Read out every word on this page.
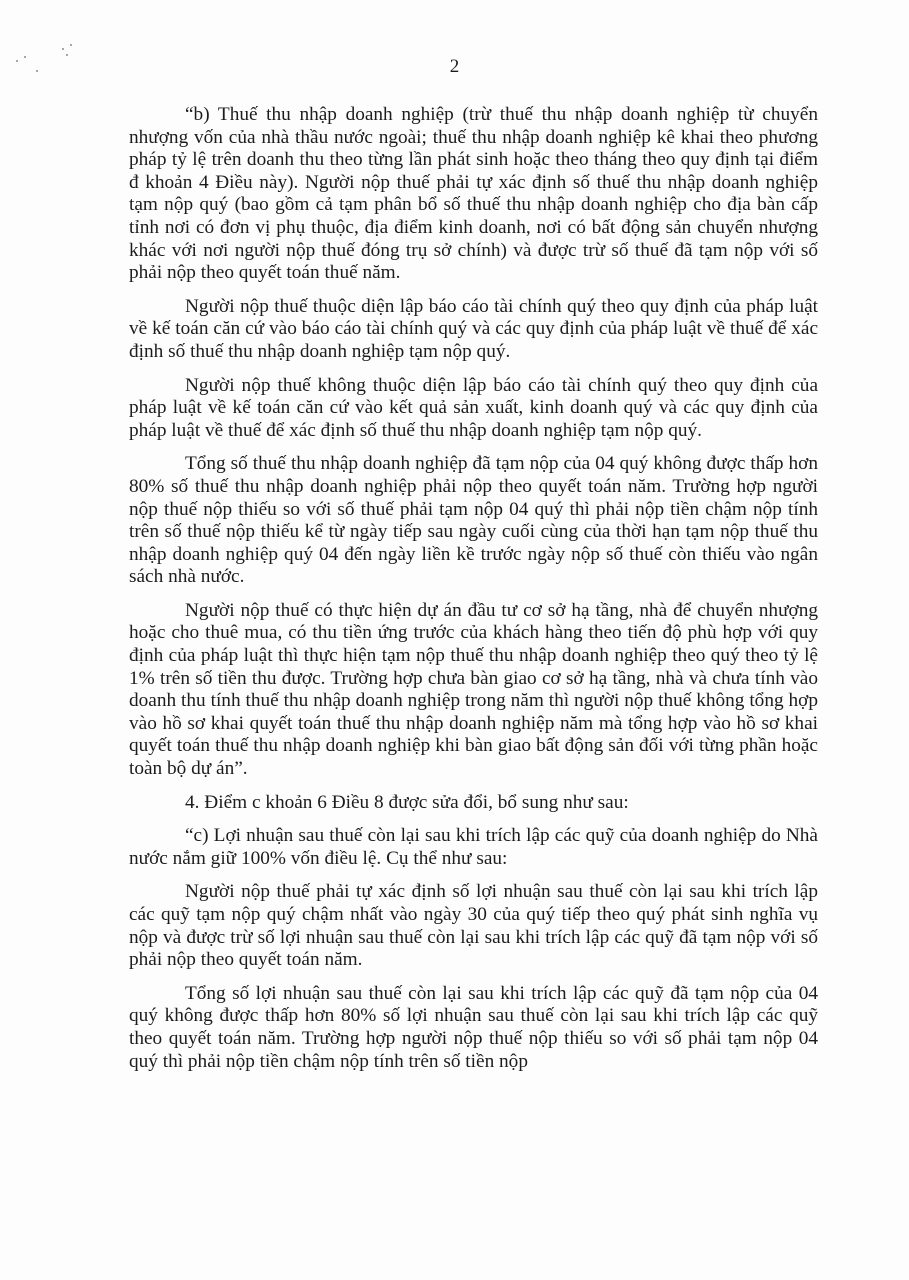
2

“b) Thuế thu nhập doanh nghiệp (trừ thuế thu nhập doanh nghiệp từ chuyển nhượng vốn của nhà thầu nước ngoài; thuế thu nhập doanh nghiệp kê khai theo phương pháp tỷ lệ trên doanh thu theo từng lần phát sinh hoặc theo tháng theo quy định tại điểm đ khoản 4 Điều này). Người nộp thuế phải tự xác định số thuế thu nhập doanh nghiệp tạm nộp quý (bao gồm cả tạm phân bổ số thuế thu nhập doanh nghiệp cho địa bàn cấp tỉnh nơi có đơn vị phụ thuộc, địa điểm kinh doanh, nơi có bất động sản chuyển nhượng khác với nơi người nộp thuế đóng trụ sở chính) và được trừ số thuế đã tạm nộp với số phải nộp theo quyết toán thuế năm.

Người nộp thuế thuộc diện lập báo cáo tài chính quý theo quy định của pháp luật về kế toán căn cứ vào báo cáo tài chính quý và các quy định của pháp luật về thuế để xác định số thuế thu nhập doanh nghiệp tạm nộp quý.

Người nộp thuế không thuộc diện lập báo cáo tài chính quý theo quy định của pháp luật về kế toán căn cứ vào kết quả sản xuất, kinh doanh quý và các quy định của pháp luật về thuế để xác định số thuế thu nhập doanh nghiệp tạm nộp quý.

Tổng số thuế thu nhập doanh nghiệp đã tạm nộp của 04 quý không được thấp hơn 80% số thuế thu nhập doanh nghiệp phải nộp theo quyết toán năm. Trường hợp người nộp thuế nộp thiếu so với số thuế phải tạm nộp 04 quý thì phải nộp tiền chậm nộp tính trên số thuế nộp thiếu kể từ ngày tiếp sau ngày cuối cùng của thời hạn tạm nộp thuế thu nhập doanh nghiệp quý 04 đến ngày liền kề trước ngày nộp số thuế còn thiếu vào ngân sách nhà nước.

Người nộp thuế có thực hiện dự án đầu tư cơ sở hạ tầng, nhà để chuyển nhượng hoặc cho thuê mua, có thu tiền ứng trước của khách hàng theo tiến độ phù hợp với quy định của pháp luật thì thực hiện tạm nộp thuế thu nhập doanh nghiệp theo quý theo tỷ lệ 1% trên số tiền thu được. Trường hợp chưa bàn giao cơ sở hạ tầng, nhà và chưa tính vào doanh thu tính thuế thu nhập doanh nghiệp trong năm thì người nộp thuế không tổng hợp vào hồ sơ khai quyết toán thuế thu nhập doanh nghiệp năm mà tổng hợp vào hồ sơ khai quyết toán thuế thu nhập doanh nghiệp khi bàn giao bất động sản đối với từng phần hoặc toàn bộ dự án”.

4. Điểm c khoản 6 Điều 8 được sửa đổi, bổ sung như sau:

“c) Lợi nhuận sau thuế còn lại sau khi trích lập các quỹ của doanh nghiệp do Nhà nước nắm giữ 100% vốn điều lệ. Cụ thể như sau:

Người nộp thuế phải tự xác định số lợi nhuận sau thuế còn lại sau khi trích lập các quỹ tạm nộp quý chậm nhất vào ngày 30 của quý tiếp theo quý phát sinh nghĩa vụ nộp và được trừ số lợi nhuận sau thuế còn lại sau khi trích lập các quỹ đã tạm nộp với số phải nộp theo quyết toán năm.

Tổng số lợi nhuận sau thuế còn lại sau khi trích lập các quỹ đã tạm nộp của 04 quý không được thấp hơn 80% số lợi nhuận sau thuế còn lại sau khi trích lập các quỹ theo quyết toán năm. Trường hợp người nộp thuế nộp thiếu so với số phải tạm nộp 04 quý thì phải nộp tiền chậm nộp tính trên số tiền nộp
